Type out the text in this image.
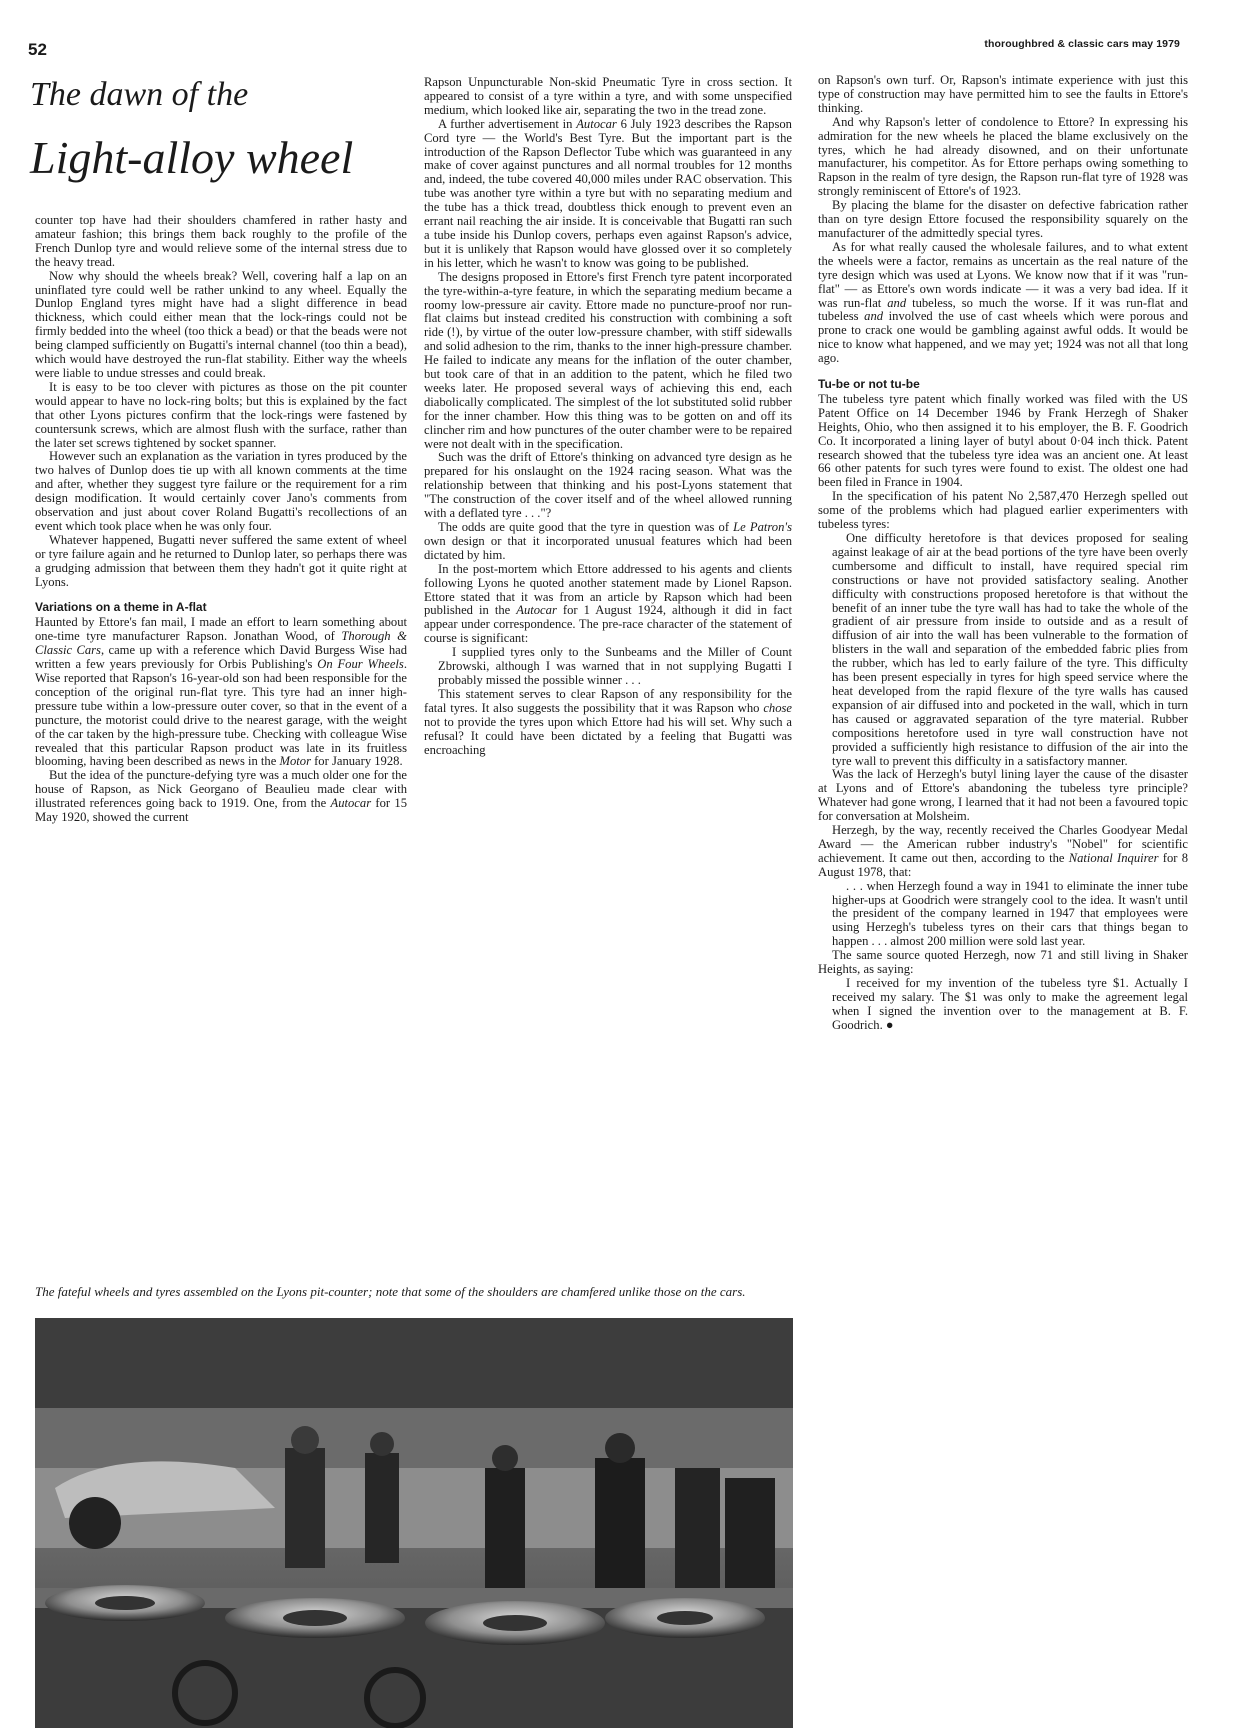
52	thoroughbred & classic cars may 1979
The dawn of the
Light-alloy wheel

counter top have had their shoulders chamfered in rather hasty and amateur fashion; this brings them back roughly to the profile of the French Dunlop tyre and would relieve some of the internal stress due to the heavy tread.

Now why should the wheels break? Well, covering half a lap on an uninflated tyre could well be rather unkind to any wheel. Equally the Dunlop England tyres might have had a slight difference in bead thickness, which could either mean that the lock-rings could not be firmly bedded into the wheel (too thick a bead) or that the beads were not being clamped sufficiently on Bugatti's internal channel (too thin a bead), which would have destroyed the run-flat stability. Either way the wheels were liable to undue stresses and could break.

It is easy to be too clever with pictures as those on the pit counter would appear to have no lock-ring bolts; but this is explained by the fact that other Lyons pictures confirm that the lock-rings were fastened by countersunk screws, which are almost flush with the surface, rather than the later set screws tightened by socket spanner.

However such an explanation as the variation in tyres produced by the two halves of Dunlop does tie up with all known comments at the time and after, whether they suggest tyre failure or the requirement for a rim design modification. It would certainly cover Jano's comments from observation and just about cover Roland Bugatti's recollections of an event which took place when he was only four.

Whatever happened, Bugatti never suffered the same extent of wheel or tyre failure again and he returned to Dunlop later, so perhaps there was a grudging admission that between them they hadn't got it quite right at Lyons.

Variations on a theme in A-flat

Haunted by Ettore's fan mail, I made an effort to learn something about one-time tyre manufacturer Rapson. Jonathan Wood, of Thorough & Classic Cars, came up with a reference which David Burgess Wise had written a few years previously for Orbis Publishing's On Four Wheels. Wise reported that Rapson's 16-year-old son had been responsible for the conception of the original run-flat tyre. This tyre had an inner high-pressure tube within a low-pressure outer cover, so that in the event of a puncture, the motorist could drive to the nearest garage, with the weight of the car taken by the high-pressure tube. Checking with colleague Wise revealed that this particular Rapson product was late in its fruitless blooming, having been described as news in the Motor for January 1928.

But the idea of the puncture-defying tyre was a much older one for the house of Rapson, as Nick Georgano of Beaulieu made clear with illustrated references going back to 1919. One, from the Autocar for 15 May 1920, showed the current

Rapson Unpuncturable Non-skid Pneumatic Tyre in cross section. It appeared to consist of a tyre within a tyre, and with some unspecified medium, which looked like air, separating the two in the tread zone.

A further advertisement in Autocar 6 July 1923 describes the Rapson Cord tyre — the World's Best Tyre. But the important part is the introduction of the Rapson Deflector Tube which was guaranteed in any make of cover against punctures and all normal troubles for 12 months and, indeed, the tube covered 40,000 miles under RAC observation. This tube was another tyre within a tyre but with no separating medium and the tube has a thick tread, doubtless thick enough to prevent even an errant nail reaching the air inside. It is conceivable that Bugatti ran such a tube inside his Dunlop covers, perhaps even against Rapson's advice, but it is unlikely that Rapson would have glossed over it so completely in his letter, which he wasn't to know was going to be published.

The designs proposed in Ettore's first French tyre patent incorporated the tyre-within-a-tyre feature, in which the separating medium became a roomy low-pressure air cavity. Ettore made no puncture-proof nor run-flat claims but instead credited his construction with combining a soft ride (!), by virtue of the outer low-pressure chamber, with stiff sidewalls and solid adhesion to the rim, thanks to the inner high-pressure chamber. He failed to indicate any means for the inflation of the outer chamber, but took care of that in an addition to the patent, which he filed two weeks later. He proposed several ways of achieving this end, each diabolically complicated. The simplest of the lot substituted solid rubber for the inner chamber. How this thing was to be gotten on and off its clincher rim and how punctures of the outer chamber were to be repaired were not dealt with in the specification.

Such was the drift of Ettore's thinking on advanced tyre design as he prepared for his onslaught on the 1924 racing season. What was the relationship between that thinking and his post-Lyons statement that "The construction of the cover itself and of the wheel allowed running with a deflated tyre . . ."?

The odds are quite good that the tyre in question was of Le Patron's own design or that it incorporated unusual features which had been dictated by him.

In the post-mortem which Ettore addressed to his agents and clients following Lyons he quoted another statement made by Lionel Rapson. Ettore stated that it was from an article by Rapson which had been published in the Autocar for 1 August 1924, although it did in fact appear under correspondence. The pre-race character of the statement of course is significant:

I supplied tyres only to the Sunbeams and the Miller of Count Zbrowski, although I was warned that in not supplying Bugatti I probably missed the possible winner . . .

This statement serves to clear Rapson of any responsibility for the fatal tyres. It also suggests the possibility that it was Rapson who chose not to provide the tyres upon which Ettore had his will set. Why such a refusal? It could have been dictated by a feeling that Bugatti was encroaching

on Rapson's own turf. Or, Rapson's intimate experience with just this type of construction may have permitted him to see the faults in Ettore's thinking.

And why Rapson's letter of condolence to Ettore? In expressing his admiration for the new wheels he placed the blame exclusively on the tyres, which he had already disowned, and on their unfortunate manufacturer, his competitor. As for Ettore perhaps owing something to Rapson in the realm of tyre design, the Rapson run-flat tyre of 1928 was strongly reminiscent of Ettore's of 1923.

By placing the blame for the disaster on defective fabrication rather than on tyre design Ettore focused the responsibility squarely on the manufacturer of the admittedly special tyres.

As for what really caused the wholesale failures, and to what extent the wheels were a factor, remains as uncertain as the real nature of the tyre design which was used at Lyons. We know now that if it was "run-flat" — as Ettore's own words indicate — it was a very bad idea. If it was run-flat and tubeless, so much the worse. If it was run-flat and tubeless and involved the use of cast wheels which were porous and prone to crack one would be gambling against awful odds. It would be nice to know what happened, and we may yet; 1924 was not all that long ago.

Tu-be or not tu-be

The tubeless tyre patent which finally worked was filed with the US Patent Office on 14 December 1946 by Frank Herzegh of Shaker Heights, Ohio, who then assigned it to his employer, the B. F. Goodrich Co. It incorporated a lining layer of butyl about 0·04 inch thick. Patent research showed that the tubeless tyre idea was an ancient one. At least 66 other patents for such tyres were found to exist. The oldest one had been filed in France in 1904.

In the specification of his patent No 2,587,470 Herzegh spelled out some of the problems which had plagued earlier experimenters with tubeless tyres:

One difficulty heretofore is that devices proposed for sealing against leakage of air at the bead portions of the tyre have been overly cumbersome and difficult to install, have required special rim constructions or have not provided satisfactory sealing. Another difficulty with constructions proposed heretofore is that without the benefit of an inner tube the tyre wall has had to take the whole of the gradient of air pressure from inside to outside and as a result of diffusion of air into the wall has been vulnerable to the formation of blisters in the wall and separation of the embedded fabric plies from the rubber, which has led to early failure of the tyre. This difficulty has been present especially in tyres for high speed service where the heat developed from the rapid flexure of the tyre walls has caused expansion of air diffused into and pocketed in the wall, which in turn has caused or aggravated separation of the tyre material. Rubber compositions heretofore used in tyre wall construction have not provided a sufficiently high resistance to diffusion of the air into the tyre wall to prevent this difficulty in a satisfactory manner.

Was the lack of Herzegh's butyl lining layer the cause of the disaster at Lyons and of Ettore's abandoning the tubeless tyre principle? Whatever had gone wrong, I learned that it had not been a favoured topic for conversation at Molsheim.

Herzegh, by the way, recently received the Charles Goodyear Medal Award — the American rubber industry's "Nobel" for scientific achievement. It came out then, according to the National Inquirer for 8 August 1978, that:

. . . when Herzegh found a way in 1941 to eliminate the inner tube higher-ups at Goodrich were strangely cool to the idea. It wasn't until the president of the company learned in 1947 that employees were using Herzegh's tubeless tyres on their cars that things began to happen . . . almost 200 million were sold last year.

The same source quoted Herzegh, now 71 and still living in Shaker Heights, as saying:

I received for my invention of the tubeless tyre $1. Actually I received my salary. The $1 was only to make the agreement legal when I signed the invention over to the management at B. F. Goodrich. ●

The fateful wheels and tyres assembled on the Lyons pit-counter; note that some of the shoulders are chamfered unlike those on the cars.
